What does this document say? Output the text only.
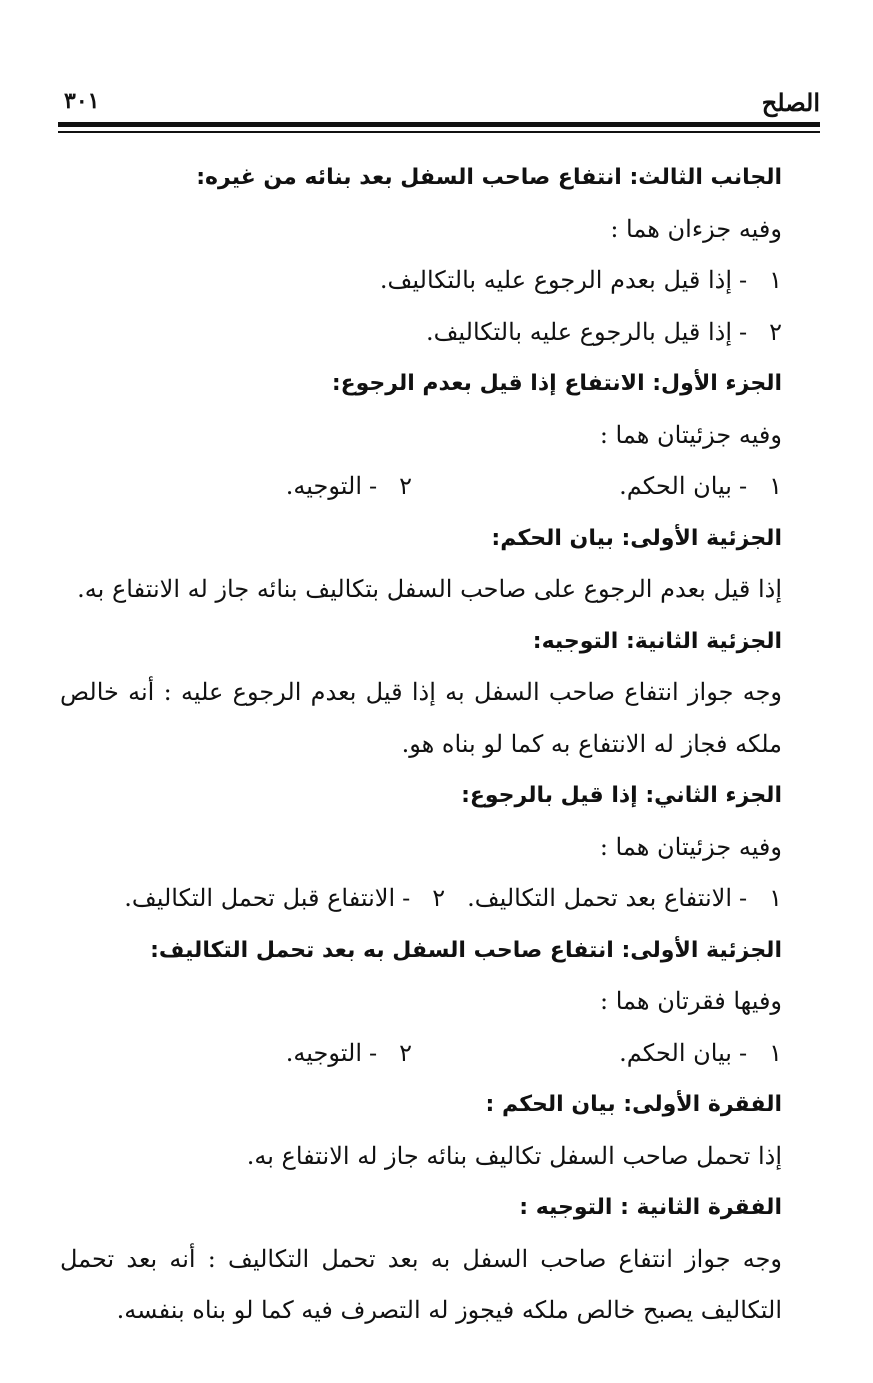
الصلح
٣٠١
الجانب الثالث: انتفاع صاحب السفل بعد بنائه من غيره:
وفيه جزءان هما :
١-إذا قيل بعدم الرجوع عليه بالتكاليف.
٢-إذا قيل بالرجوع عليه بالتكاليف.
الجزء الأول: الانتفاع إذا قيل بعدم الرجوع:
وفيه جزئيتان هما :
١-بيان الحكم.
٢-التوجيه.
الجزئية الأولى: بيان الحكم:
إذا قيل بعدم الرجوع على صاحب السفل بتكاليف بنائه جاز له الانتفاع به.
الجزئية الثانية: التوجيه:
وجه جواز انتفاع صاحب السفل به إذا قيل بعدم الرجوع عليه : أنه خالص
ملكه فجاز له الانتفاع به كما لو بناه هو.
الجزء الثاني: إذا قيل بالرجوع:
وفيه جزئيتان هما :
١-الانتفاع بعد تحمل التكاليف.٢-الانتفاع قبل تحمل التكاليف.
الجزئية الأولى: انتفاع صاحب السفل به بعد تحمل التكاليف:
وفيها فقرتان هما :
١-بيان الحكم.
٢-التوجيه.
الفقرة الأولى: بيان الحكم :
إذا تحمل صاحب السفل تكاليف بنائه جاز له الانتفاع به.
الفقرة الثانية : التوجيه :
وجه جواز انتفاع صاحب السفل به بعد تحمل التكاليف : أنه بعد تحمل
التكاليف يصبح خالص ملكه فيجوز له التصرف فيه كما لو بناه بنفسه.
